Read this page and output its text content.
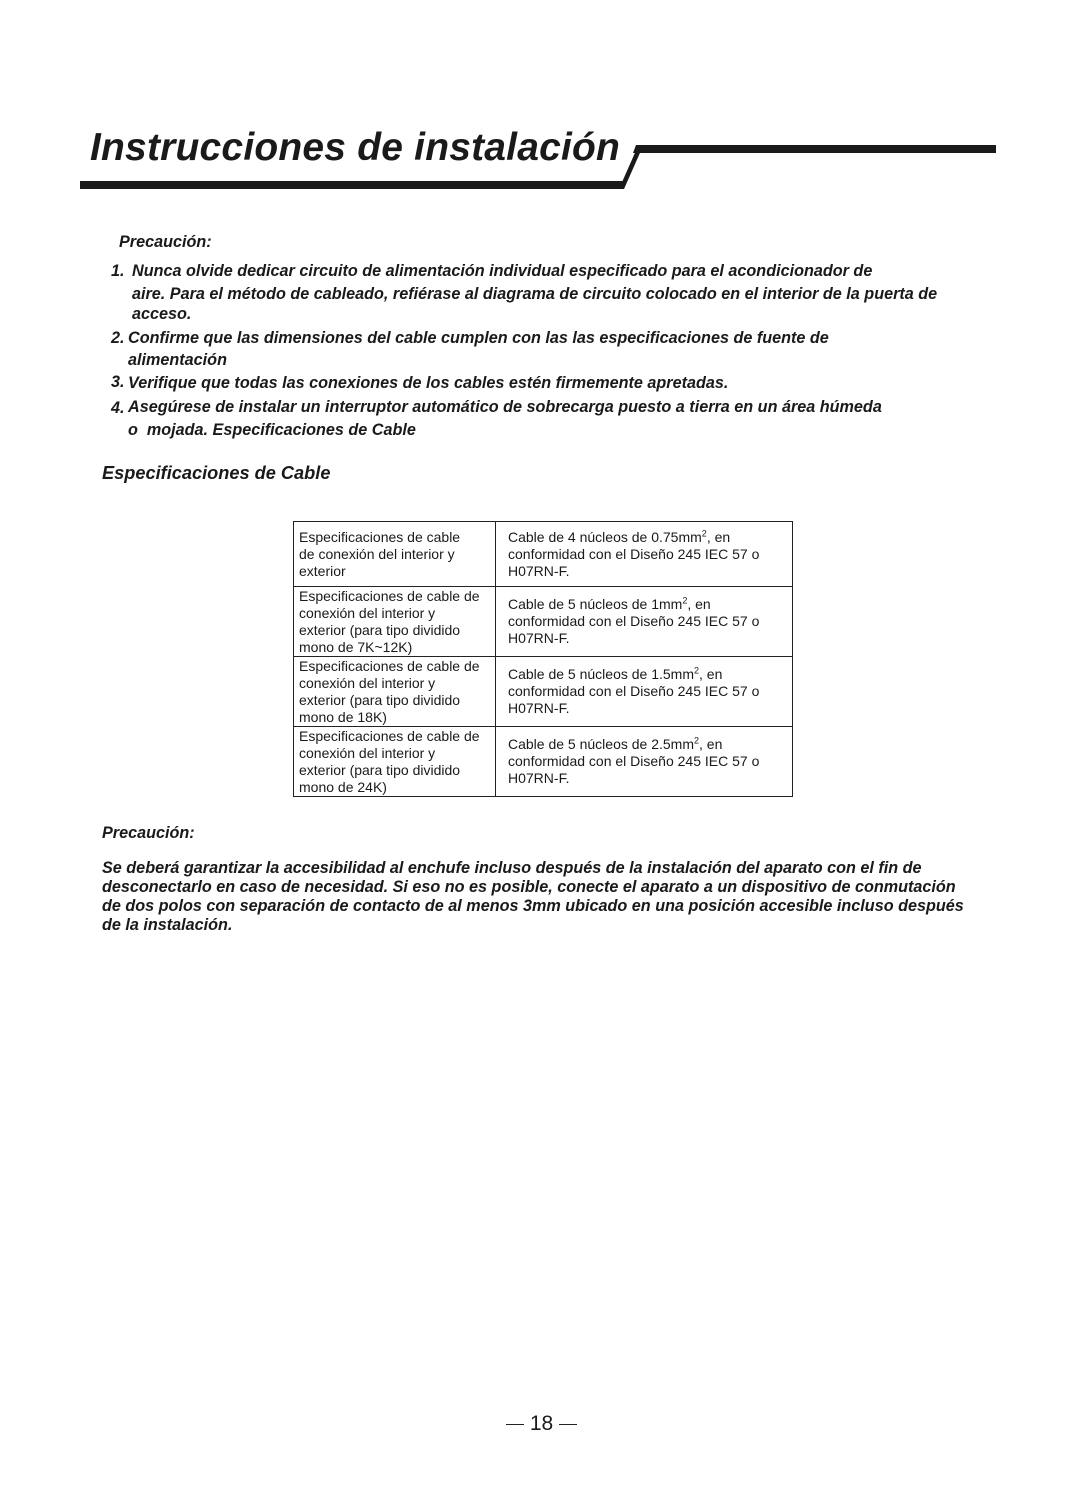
Instrucciones de instalación
Precaución:
1. Nunca olvide dedicar circuito de alimentación individual especificado para el acondicionador de
aire. Para el método de cableado, refiérase al diagrama de circuito colocado en el interior de la puerta de
acceso.
2. Confirme que las dimensiones del cable cumplen con las las especificaciones de fuente de
alimentación
3. Verifique que todas las conexiones de los cables estén firmemente apretadas.
4. Asegúrese de instalar un interruptor automático de sobrecarga puesto a tierra en un área húmeda
o  mojada. Especificaciones de Cable
Especificaciones de Cable
Especificaciones de cable
de conexión del interior y
exterior	Cable de 4 núcleos de $0.75mm^2$, en
conformidad con el Diseño 245 IEC 57 o
H07RN-F.
Especificaciones de cable de
conexión del interior y
exterior (para tipo dividido
mono de 7K~12K)	Cable de 5 núcleos de $1mm^2$, en
conformidad con el Diseño 245 IEC 57 o
H07RN-F.
Especificaciones de cable de
conexión del interior y
exterior (para tipo dividido
mono de 18K)	Cable de 5 núcleos de $1.5mm^2$, en
conformidad con el Diseño 245 IEC 57 o
H07RN-F.
Especificaciones de cable de
conexión del interior y
exterior (para tipo dividido
mono de 24K)	Cable de 5 núcleos de $2.5mm^2$, en
conformidad con el Diseño 245 IEC 57 o
H07RN-F.
Precaución:
Se deberá garantizar la accesibilidad al enchufe incluso después de la instalación del aparato con el fin de
desconectarlo en caso de necesidad. Si eso no es posible, conecte el aparato a un dispositivo de conmutación
de dos polos con separación de contacto de al menos 3mm ubicado en una posición accesible incluso después
de la instalación.
18
